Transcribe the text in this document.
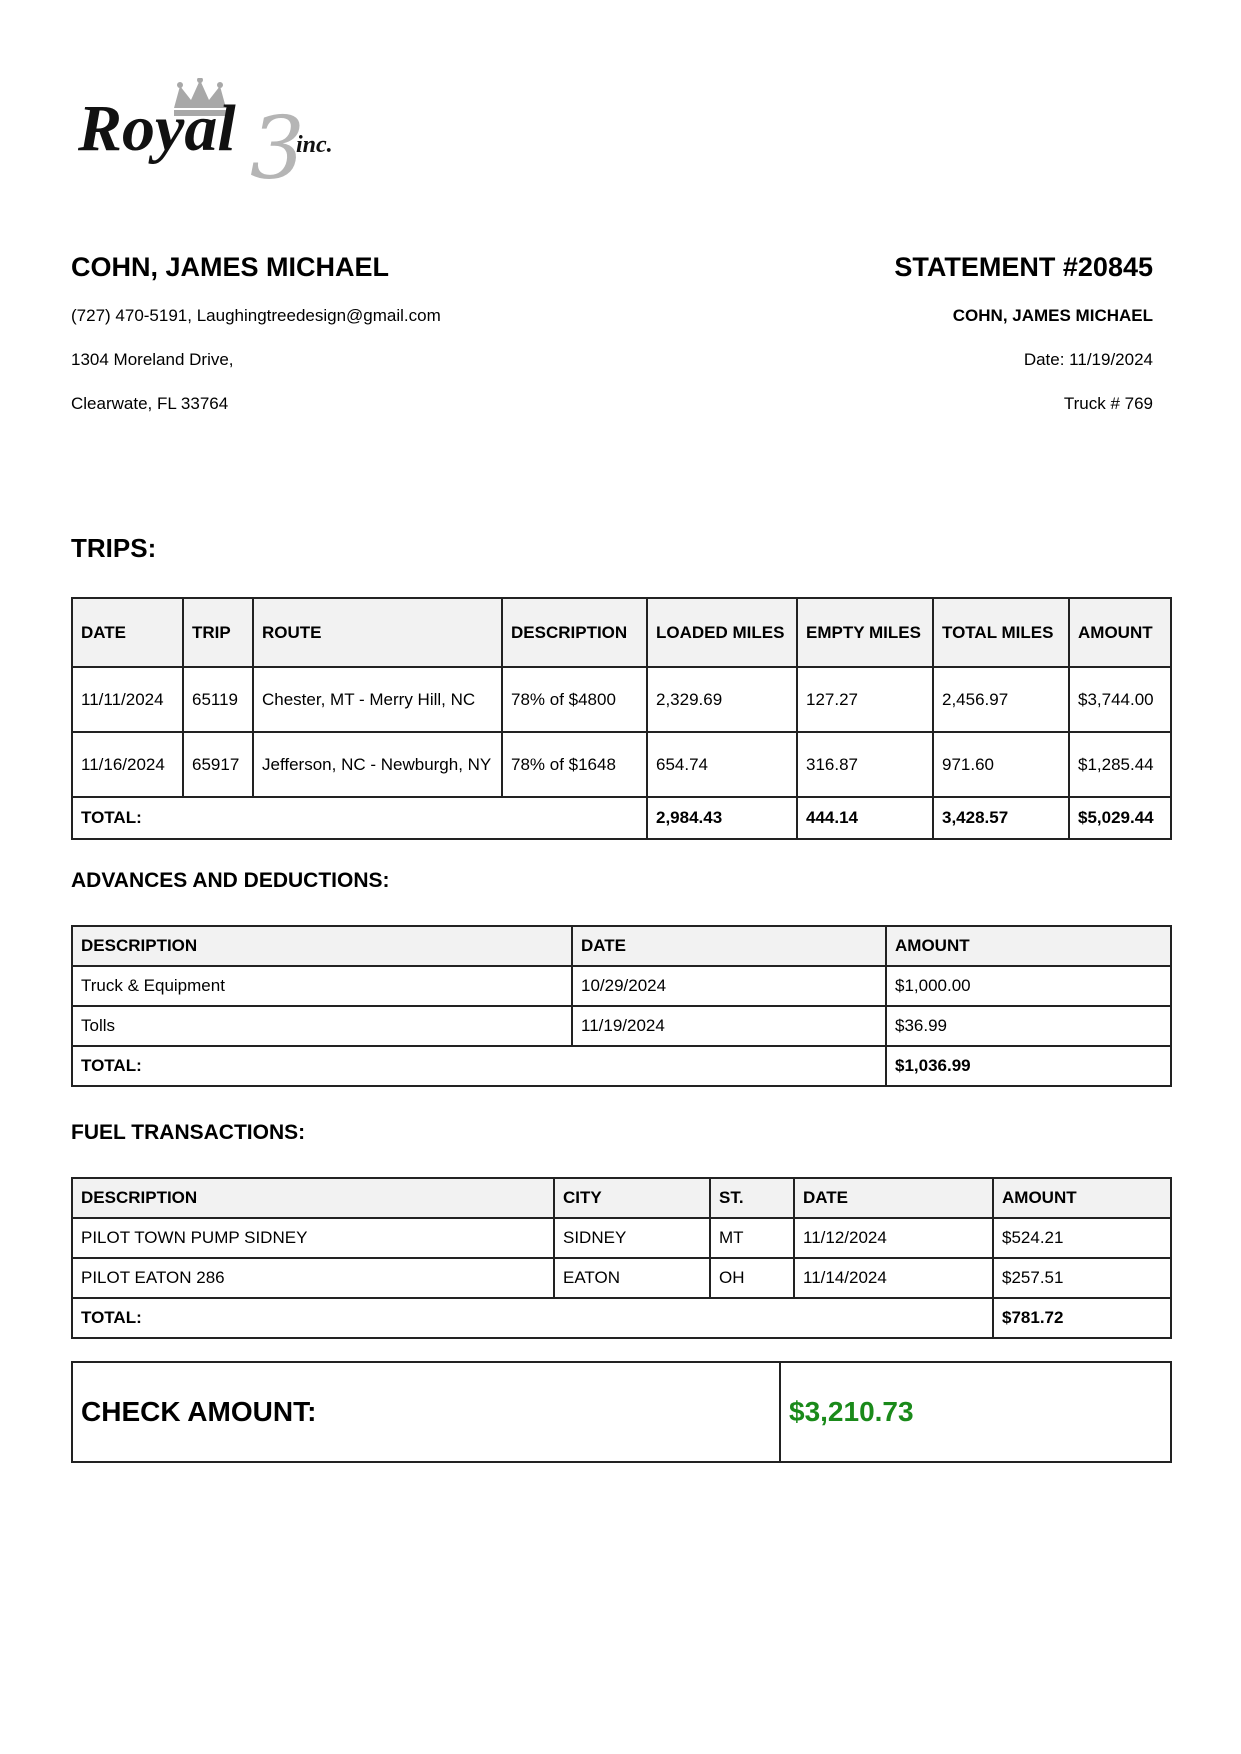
3
Royal	inc.
COHN, JAMES MICHAEL
(727) 470-5191, Laughingtreedesign@gmail.com
1304 Moreland Drive,
Clearwate, FL 33764
STATEMENT #20845
COHN, JAMES MICHAEL
Date: 11/19/2024
Truck # 769
TRIPS:
DATE	TRIP	ROUTE	DESCRIPTION	LOADED MILES	EMPTY MILES	TOTAL MILES	AMOUNT
11/11/2024	65119	Chester, MT - Merry Hill, NC	78% of $4800	2,329.69	127.27	2,456.97	$3,744.00
11/16/2024	65917	Jefferson, NC - Newburgh, NY	78% of $1648	654.74	316.87	971.60	$1,285.44
TOTAL:				2,984.43	444.14	3,428.57	$5,029.44
ADVANCES AND DEDUCTIONS:
DESCRIPTION	DATE	AMOUNT
Truck & Equipment	10/29/2024	$1,000.00
Tolls	11/19/2024	$36.99
TOTAL:		$1,036.99
FUEL TRANSACTIONS:
DESCRIPTION	CITY	ST.	DATE	AMOUNT
PILOT TOWN PUMP SIDNEY	SIDNEY	MT	11/12/2024	$524.21
PILOT EATON 286	EATON	OH	11/14/2024	$257.51
TOTAL:				$781.72
CHECK AMOUNT:	$3,210.73
